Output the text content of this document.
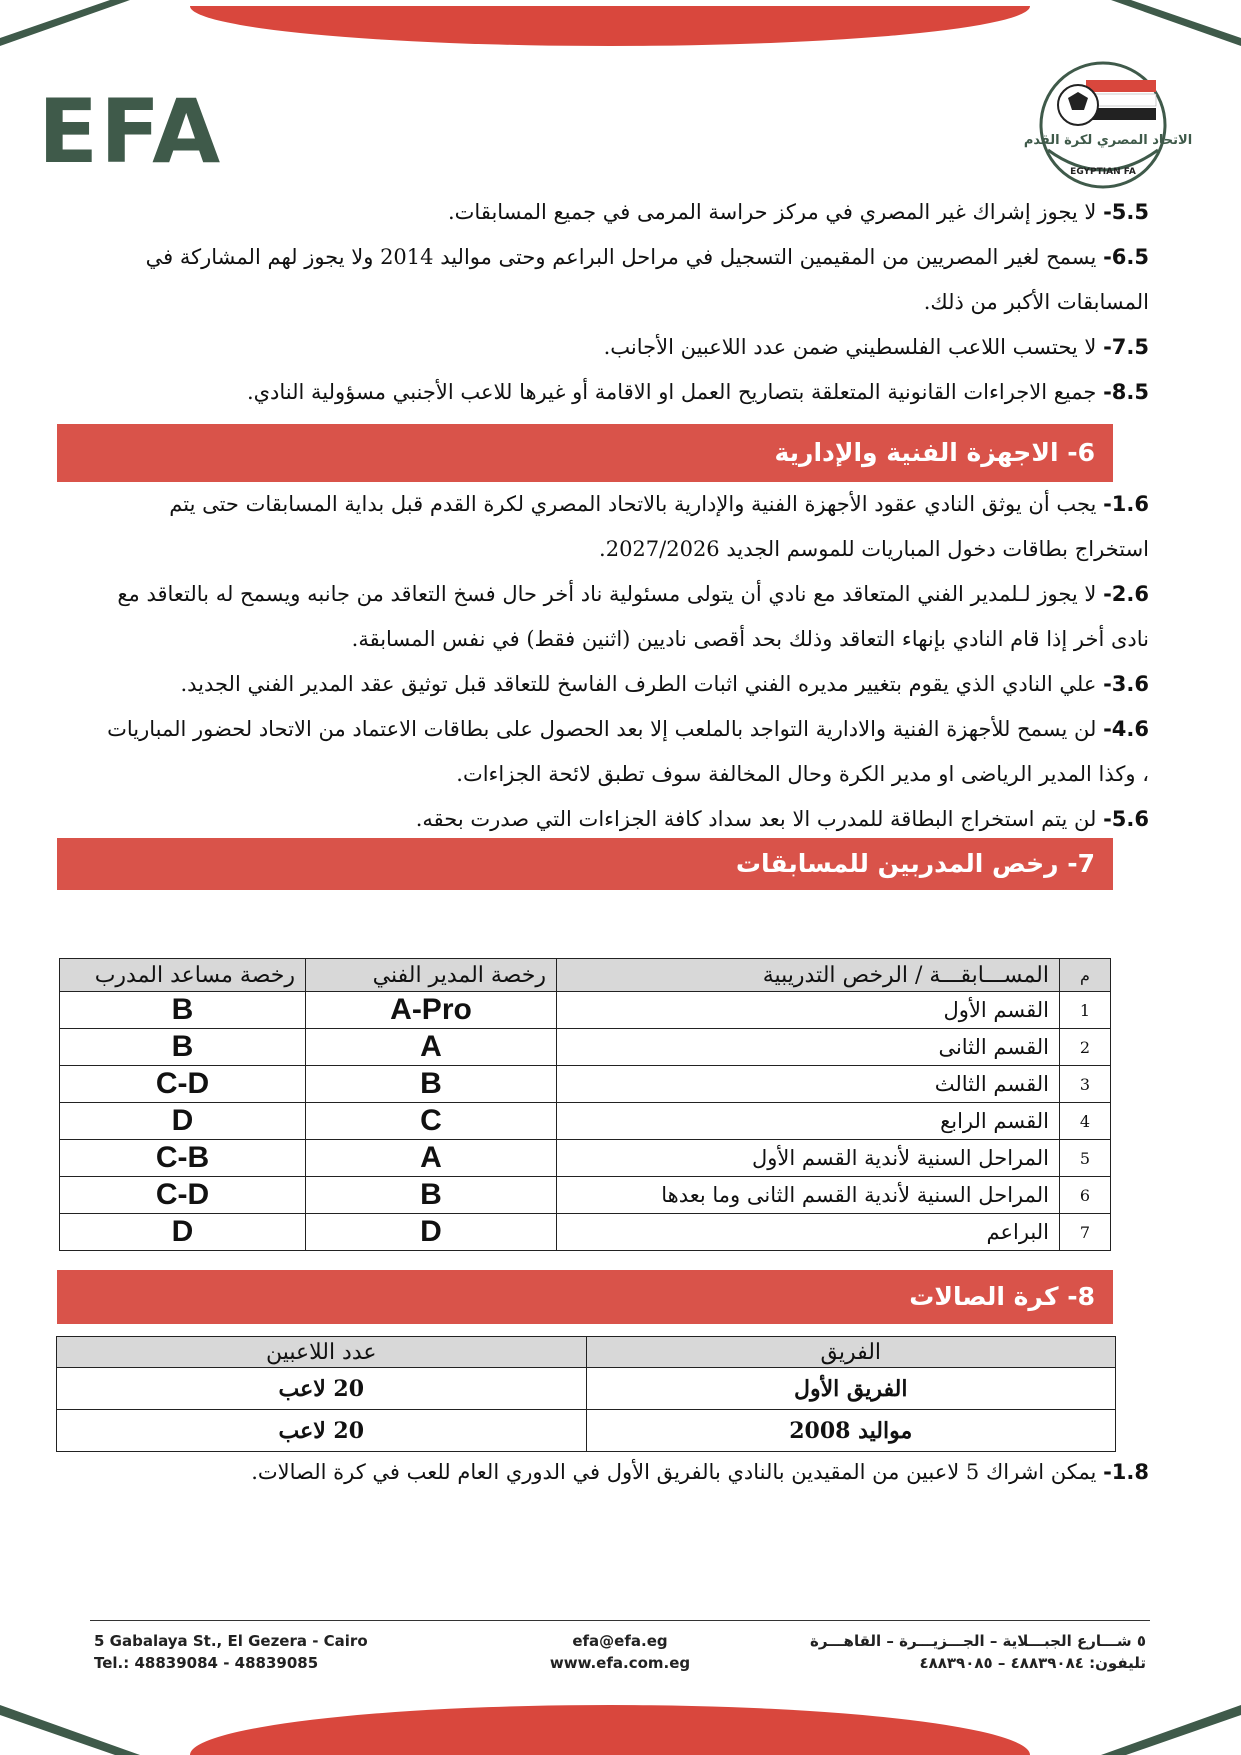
EFA	الاتحاد المصري لكرة القدم
EGYPTIAN FA
5.5- لا يجوز إشراك غير المصري في مركز حراسة المرمى في جميع المسابقات.
6.5- يسمح لغير المصريين من المقيمين التسجيل في مراحل البراعم وحتى مواليد 2014 ولا يجوز لهم المشاركة في المسابقات الأكبر من ذلك.
7.5- لا يحتسب اللاعب الفلسطيني ضمن عدد اللاعبين الأجانب.
8.5- جميع الاجراءات القانونية المتعلقة بتصاريح العمل او الاقامة أو غيرها للاعب الأجنبي مسؤولية النادي.
6- الاجهزة الفنية والإدارية
1.6- يجب أن يوثق النادي عقود الأجهزة الفنية والإدارية بالاتحاد المصري لكرة القدم قبل بداية المسابقات حتى يتم استخراج بطاقات دخول المباريات للموسم الجديد 2027/2026.
2.6- لا يجوز لـلمدير الفني المتعاقد مع نادي أن يتولى مسئولية ناد أخر حال فسخ التعاقد من جانبه ويسمح له بالتعاقد مع نادى أخر إذا قام النادي بإنهاء التعاقد وذلك بحد أقصى ناديين (اثنين فقط) في نفس المسابقة.
3.6- علي النادي الذي يقوم بتغيير مديره الفني اثبات الطرف الفاسخ للتعاقد قبل توثيق عقد المدير الفني الجديد.
4.6- لن يسمح للأجهزة الفنية والادارية التواجد بالملعب إلا بعد الحصول على بطاقات الاعتماد من الاتحاد لحضور المباريات ، وكذا المدير الرياضى او مدير الكرة وحال المخالفة سوف تطبق لائحة الجزاءات.
5.6- لن يتم استخراج البطاقة للمدرب الا بعد سداد كافة الجزاءات التي صدرت بحقه.
7- رخص المدربين للمسابقات
م	المســـابقـــة / الرخص التدريبية	رخصة المدير الفني	رخصة مساعد المدرب
1	القسم الأول	A-Pro	B
2	القسم الثانى	A	B
3	القسم الثالث	B	C-D
4	القسم الرابع	C	D
5	المراحل السنية لأندية القسم الأول	A	C-B
6	المراحل السنية لأندية القسم الثانى وما بعدها	B	C-D
7	البراعم	D	D
8- كرة الصالات
الفريق	عدد اللاعبين
الفريق الأول	20 لاعب
مواليد 2008	20 لاعب
1.8- يمكن اشراك 5 لاعبين من المقيدين بالنادي بالفريق الأول في الدوري العام للعب في كرة الصالات.
5 Gabalaya St., El Gezera - Cairo
Tel.: 48839084 - 48839085
efa@efa.eg
www.efa.com.eg
٥ شـــارع الجبـــلاية – الجـــزيـــرة – القاهـــرة
تليفون: ٤٨٨٣٩٠٨٤ – ٤٨٨٣٩٠٨٥
